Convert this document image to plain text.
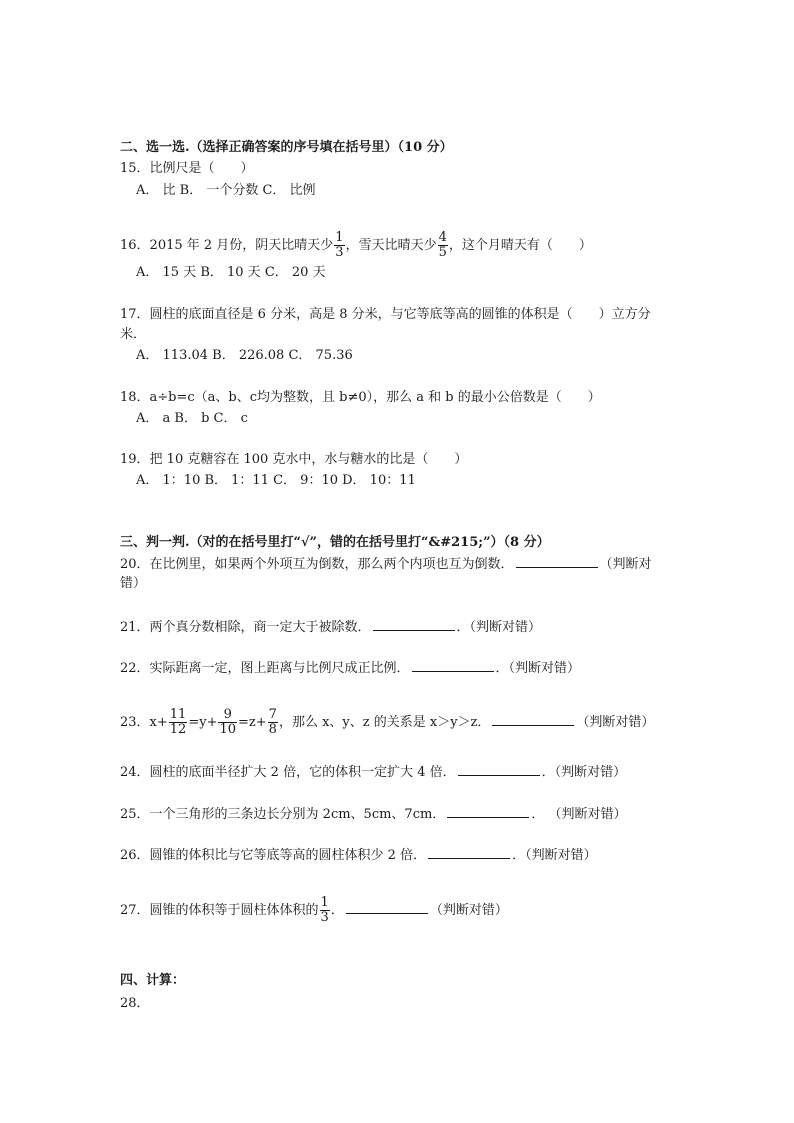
二、选一选.（选择正确答案的序号填在括号里）（10 分）
15．比例尺是（　　）
A． 比 B． 一个分数 C． 比例
16．2015 年 2 月份，阴天比晴天少 $\frac{1}{3}$ ，雪天比晴天少 $\frac{4}{5}$ ，这个月晴天有（　　）
A． 15 天 B． 10 天 C． 20 天
17．圆柱的底面直径是 6 分米，高是 8 分米，与它等底等高的圆锥的体积是（　　）立方分
米．
A． 113.04 B． 226.08 C． 75.36
18．a÷b=c（a、b、c均为整数，且 b≠0），那么 a 和 b 的最小公倍数是（　　）
A． a B． b C． c
19．把 10 克糖容在 100 克水中，水与糖水的比是（　　）
A． 1：10 B． 1：11 C． 9：10 D． 10：11
三、判一判.（对的在括号里打“√”，错的在括号里打“&#215;”）（8 分）
20．在比例里，如果两个外项互为倒数，那么两个内项也互为倒数．	（判断对
错）
21．两个真分数相除，商一定大于被除数．	．（判断对错）
22．实际距离一定，图上距离与比例尺成正比例．	．（判断对错）
23．$x+ \frac{11}{12} =y+ \frac{9}{10} =z+ \frac{7}{8}$ ，那么 x、y、z 的关系是 x＞y＞z．	（判断对错）
24．圆柱的底面半径扩大 2 倍，它的体积一定扩大 4 倍．	．（判断对错）
25．一个三角形的三条边长分别为 2cm、5cm、7cm．	． （判断对错）
26．圆锥的体积比与它等底等高的圆柱体积少 2 倍．	．（判断对错）
27．圆锥的体积等于圆柱体体积的 $\frac{1}{3}$ ．	（判断对错）
四、计算：
28．
